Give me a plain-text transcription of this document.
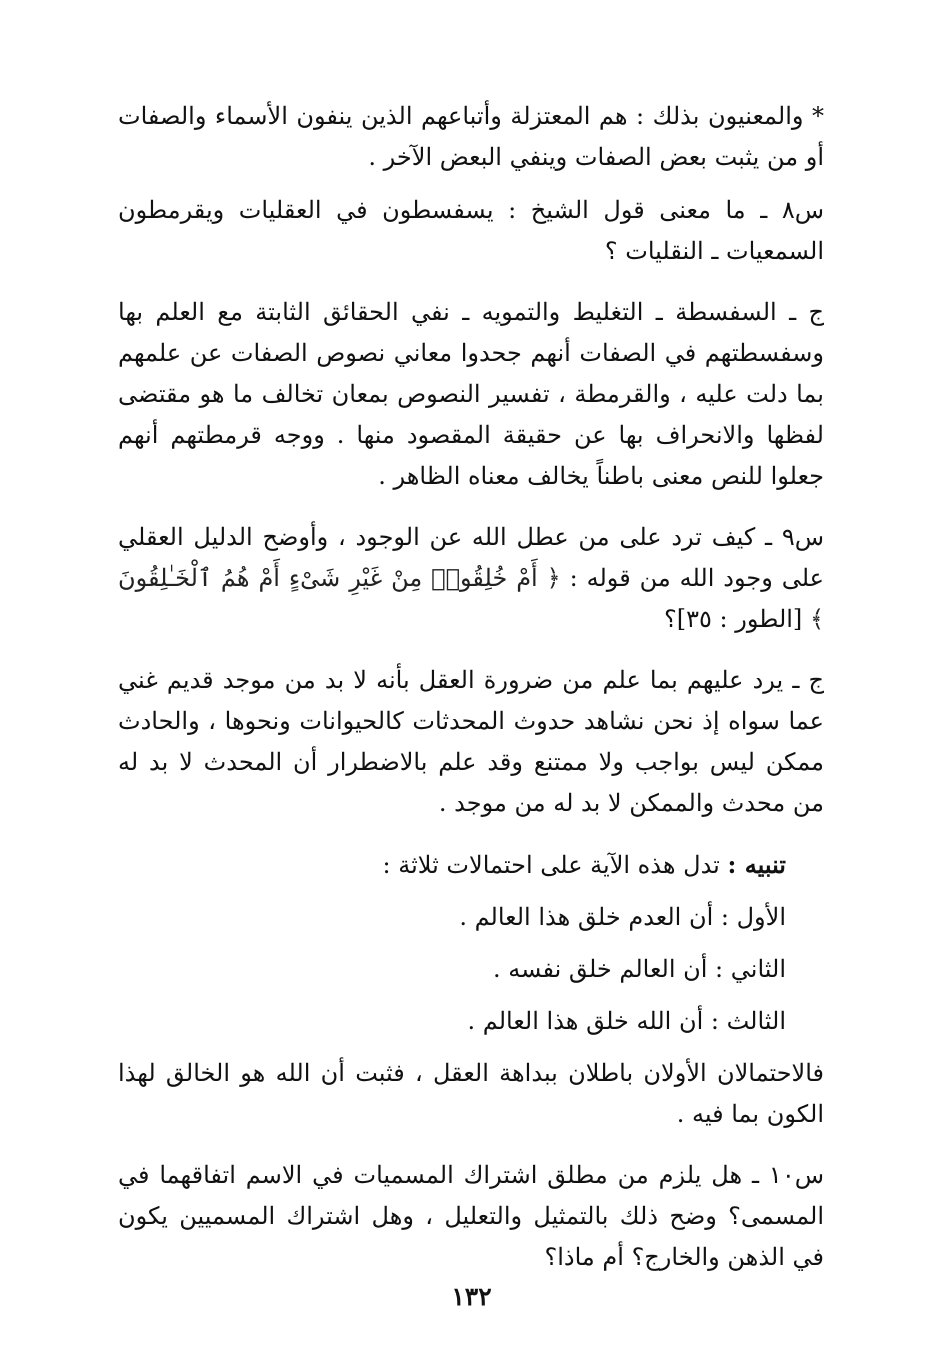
* والمعنيون بذلك : هم المعتزلة وأتباعهم الذين ينفون الأسماء والصفات أو من يثبت بعض الصفات وينفي البعض الآخر .

س٨ ـ ما معنى قول الشيخ : يسفسطون في العقليات ويقرمطون السمعيات ـ النقليات ؟

ج ـ السفسطة ـ التغليط والتمويه ـ نفي الحقائق الثابتة مع العلم بها وسفسطتهم في الصفات أنهم جحدوا معاني نصوص الصفات عن علمهم بما دلت عليه ، والقرمطة ، تفسير النصوص بمعان تخالف ما هو مقتضى لفظها والانحراف بها عن حقيقة المقصود منها . ووجه قرمطتهم أنهم جعلوا للنص معنى باطناً يخالف معناه الظاهر .

س٩ ـ كيف ترد على من عطل الله عن الوجود ، وأوضح الدليل العقلي على وجود الله من قوله : ﴿ أَمْ خُلِقُوا۟ مِنْ غَيْرِ شَىْءٍ أَمْ هُمُ ٱلْخَـٰلِقُونَ ﴾ [الطور : ٣٥]؟

ج ـ يرد عليهم بما علم من ضرورة العقل بأنه لا بد من موجد قديم غني عما سواه إذ نحن نشاهد حدوث المحدثات كالحيوانات ونحوها ، والحادث ممكن ليس بواجب ولا ممتنع وقد علم بالاضطرار أن المحدث لا بد له من محدث والممكن لا بد له من موجد .

تنبيه : تدل هذه الآية على احتمالات ثلاثة :

الأول : أن العدم خلق هذا العالم .

الثاني : أن العالم خلق نفسه .

الثالث : أن الله خلق هذا العالم .

فالاحتمالان الأولان باطلان ببداهة العقل ، فثبت أن الله هو الخالق لهذا الكون بما فيه .

س١٠ ـ هل يلزم من مطلق اشتراك المسميات في الاسم اتفاقهما في المسمى؟ وضح ذلك بالتمثيل والتعليل ، وهل اشتراك المسميين يكون في الذهن والخارج؟ أم ماذا؟

١٣٢
